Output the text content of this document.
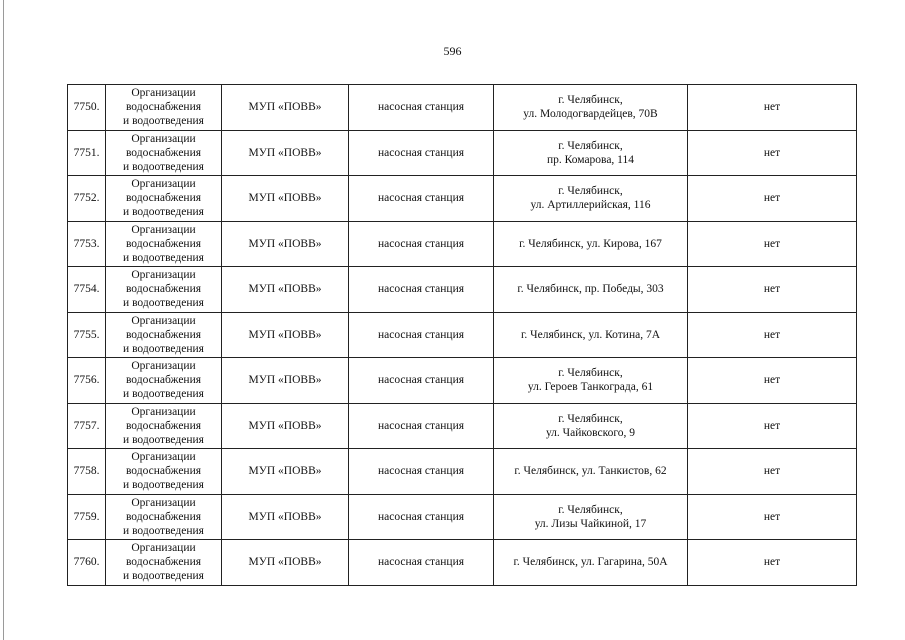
596
7750.	Организации
водоснабжения
и водоотведения	МУП «ПОВВ»	насосная станция	г. Челябинск,
ул. Молодогвардейцев, 70В	нет
7751.	Организации
водоснабжения
и водоотведения	МУП «ПОВВ»	насосная станция	г. Челябинск,
пр. Комарова, 114	нет
7752.	Организации
водоснабжения
и водоотведения	МУП «ПОВВ»	насосная станция	г. Челябинск,
ул. Артиллерийская, 116	нет
7753.	Организации
водоснабжения
и водоотведения	МУП «ПОВВ»	насосная станция	г. Челябинск, ул. Кирова, 167	нет
7754.	Организации
водоснабжения
и водоотведения	МУП «ПОВВ»	насосная станция	г. Челябинск, пр. Победы, 303	нет
7755.	Организации
водоснабжения
и водоотведения	МУП «ПОВВ»	насосная станция	г. Челябинск, ул. Котина, 7А	нет
7756.	Организации
водоснабжения
и водоотведения	МУП «ПОВВ»	насосная станция	г. Челябинск,
ул. Героев Танкограда, 61	нет
7757.	Организации
водоснабжения
и водоотведения	МУП «ПОВВ»	насосная станция	г. Челябинск,
ул. Чайковского, 9	нет
7758.	Организации
водоснабжения
и водоотведения	МУП «ПОВВ»	насосная станция	г. Челябинск, ул. Танкистов, 62	нет
7759.	Организации
водоснабжения
и водоотведения	МУП «ПОВВ»	насосная станция	г. Челябинск,
ул. Лизы Чайкиной, 17	нет
7760.	Организации
водоснабжения
и водоотведения	МУП «ПОВВ»	насосная станция	г. Челябинск, ул. Гагарина, 50А	нет
